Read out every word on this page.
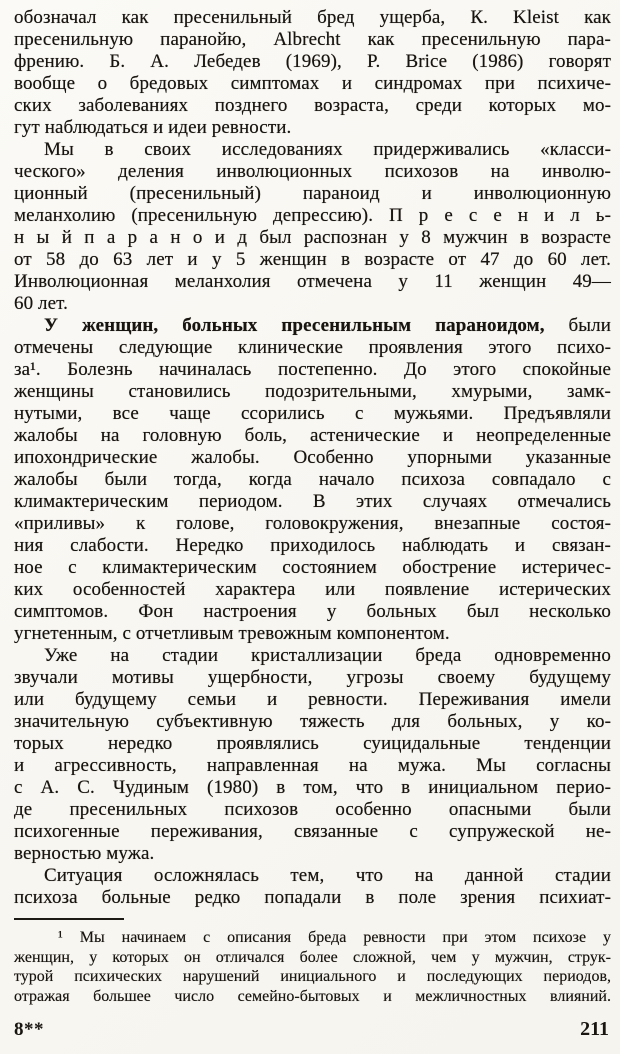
обозначал как пресенильный бред ущерба, К. Kleist как
пресенильную паранойю, Albrecht как пресенильную пара-
френию. Б. А. Лебедев (1969), P. Brice (1986) говорят
вообще о бредовых симптомах и синдромах при психиче-
ских заболеваниях позднего возраста, среди которых мо-
гут наблюдаться и идеи ревности.
Мы в своих исследованиях придерживались «класси-
ческого» деления инволюционных психозов на инволю-
ционный (пресенильный) параноид и инволюционную
меланхолию (пресенильную депрессию). П р е с е н и л ь-
н ы й п а р а н о и д был распознан у 8 мужчин в возрасте
от 58 до 63 лет и у 5 женщин в возрасте от 47 до 60 лет.
Инволюционная меланхолия отмечена у 11 женщин 49—
60 лет.
У женщин, больных пресенильным параноидом, были
отмечены следующие клинические проявления этого психо-
за¹. Болезнь начиналась постепенно. До этого спокойные
женщины становились подозрительными, хмурыми, замк-
нутыми, все чаще ссорились с мужьями. Предъявляли
жалобы на головную боль, астенические и неопределенные
ипохондрические жалобы. Особенно упорными указанные
жалобы были тогда, когда начало психоза совпадало с
климактерическим периодом. В этих случаях отмечались
«приливы» к голове, головокружения, внезапные состоя-
ния слабости. Нередко приходилось наблюдать и связан-
ное с климактерическим состоянием обострение истеричес-
ких особенностей характера или появление истерических
симптомов. Фон настроения у больных был несколько
угнетенным, с отчетливым тревожным компонентом.
Уже на стадии кристаллизации бреда одновременно
звучали мотивы ущербности, угрозы своему будущему
или будущему семьи и ревности. Переживания имели
значительную субъективную тяжесть для больных, у ко-
торых нередко проявлялись суицидальные тенденции
и агрессивность, направленная на мужа. Мы согласны
с А. С. Чудиным (1980) в том, что в инициальном перио-
де пресенильных психозов особенно опасными были
психогенные переживания, связанные с супружеской не-
верностью мужа.
Ситуация осложнялась тем, что на данной стадии
психоза больные редко попадали в поле зрения психиат-
¹ Мы начинаем с описания бреда ревности при этом психозе у
женщин, у которых он отличался более сложной, чем у мужчин, струк-
турой психических нарушений инициального и последующих периодов,
отражая большее число семейно-бытовых и межличностных влияний.
8**	211
